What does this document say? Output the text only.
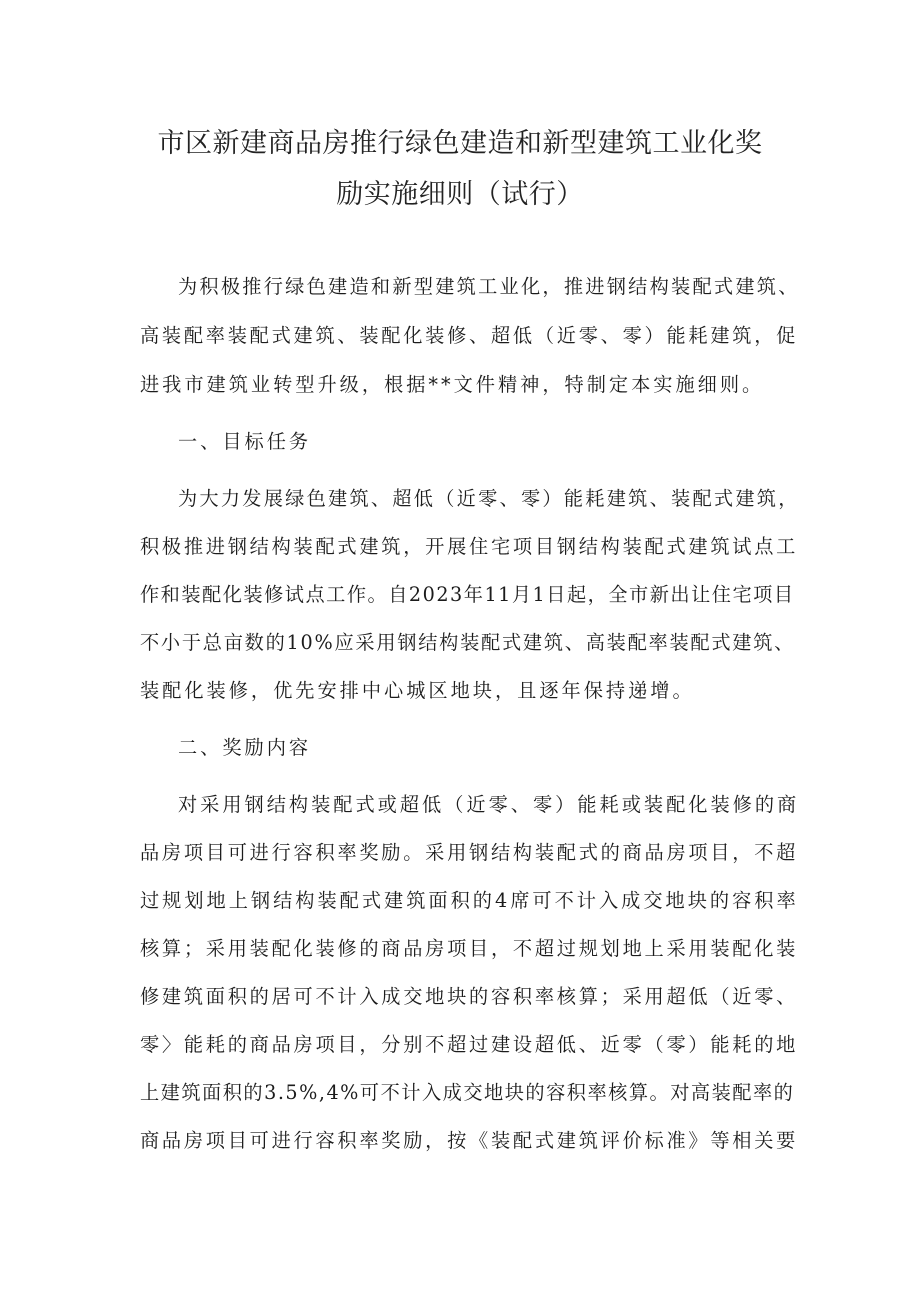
市区新建商品房推行绿色建造和新型建筑工业化奖
励实施细则（试行）
为积极推行绿色建造和新型建筑工业化，推进钢结构装配式建筑、
高装配率装配式建筑、装配化装修、超低（近零、零）能耗建筑，促
进我市建筑业转型升级，根据**文件精神，特制定本实施细则。
一、目标任务
为大力发展绿色建筑、超低（近零、零）能耗建筑、装配式建筑，
积极推进钢结构装配式建筑，开展住宅项目钢结构装配式建筑试点工
作和装配化装修试点工作。自2023年11月1日起，全市新出让住宅项目
不小于总亩数的10%应采用钢结构装配式建筑、高装配率装配式建筑、
装配化装修，优先安排中心城区地块，且逐年保持递增。
二、奖励内容
对采用钢结构装配式或超低（近零、零）能耗或装配化装修的商
品房项目可进行容积率奖励。采用钢结构装配式的商品房项目，不超
过规划地上钢结构装配式建筑面积的4席可不计入成交地块的容积率
核算；采用装配化装修的商品房项目，不超过规划地上采用装配化装
修建筑面积的居可不计入成交地块的容积率核算；采用超低（近零、
零〉能耗的商品房项目，分别不超过建设超低、近零（零）能耗的地
上建筑面积的3.5%,4%可不计入成交地块的容积率核算。对高装配率的
商品房项目可进行容积率奖励，按《装配式建筑评价标准》等相关要
